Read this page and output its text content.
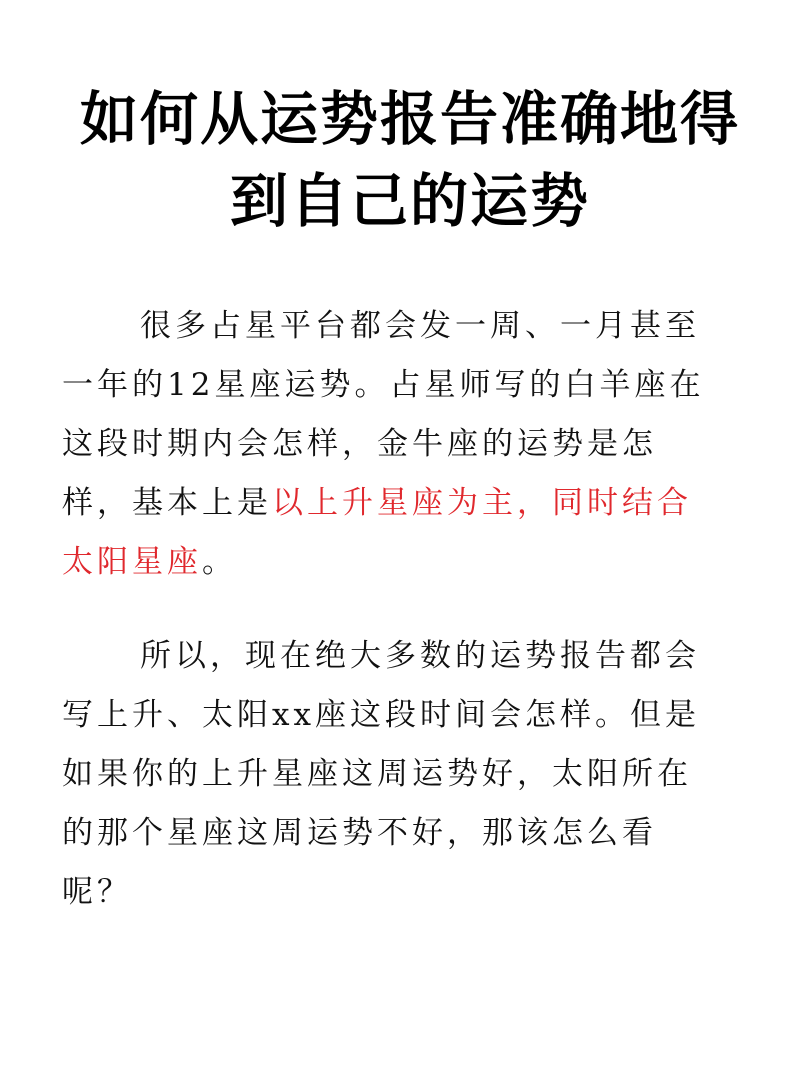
如何从运势报告准确地得
到自己的运势

很多占星平台都会发一周、一月甚至
一年的12星座运势。占星师写的白羊座在
这段时期内会怎样，金牛座的运势是怎
样，基本上是以上升星座为主，同时结合
太阳星座。

所以，现在绝大多数的运势报告都会
写上升、太阳xx座这段时间会怎样。但是
如果你的上升星座这周运势好，太阳所在
的那个星座这周运势不好，那该怎么看
呢？
